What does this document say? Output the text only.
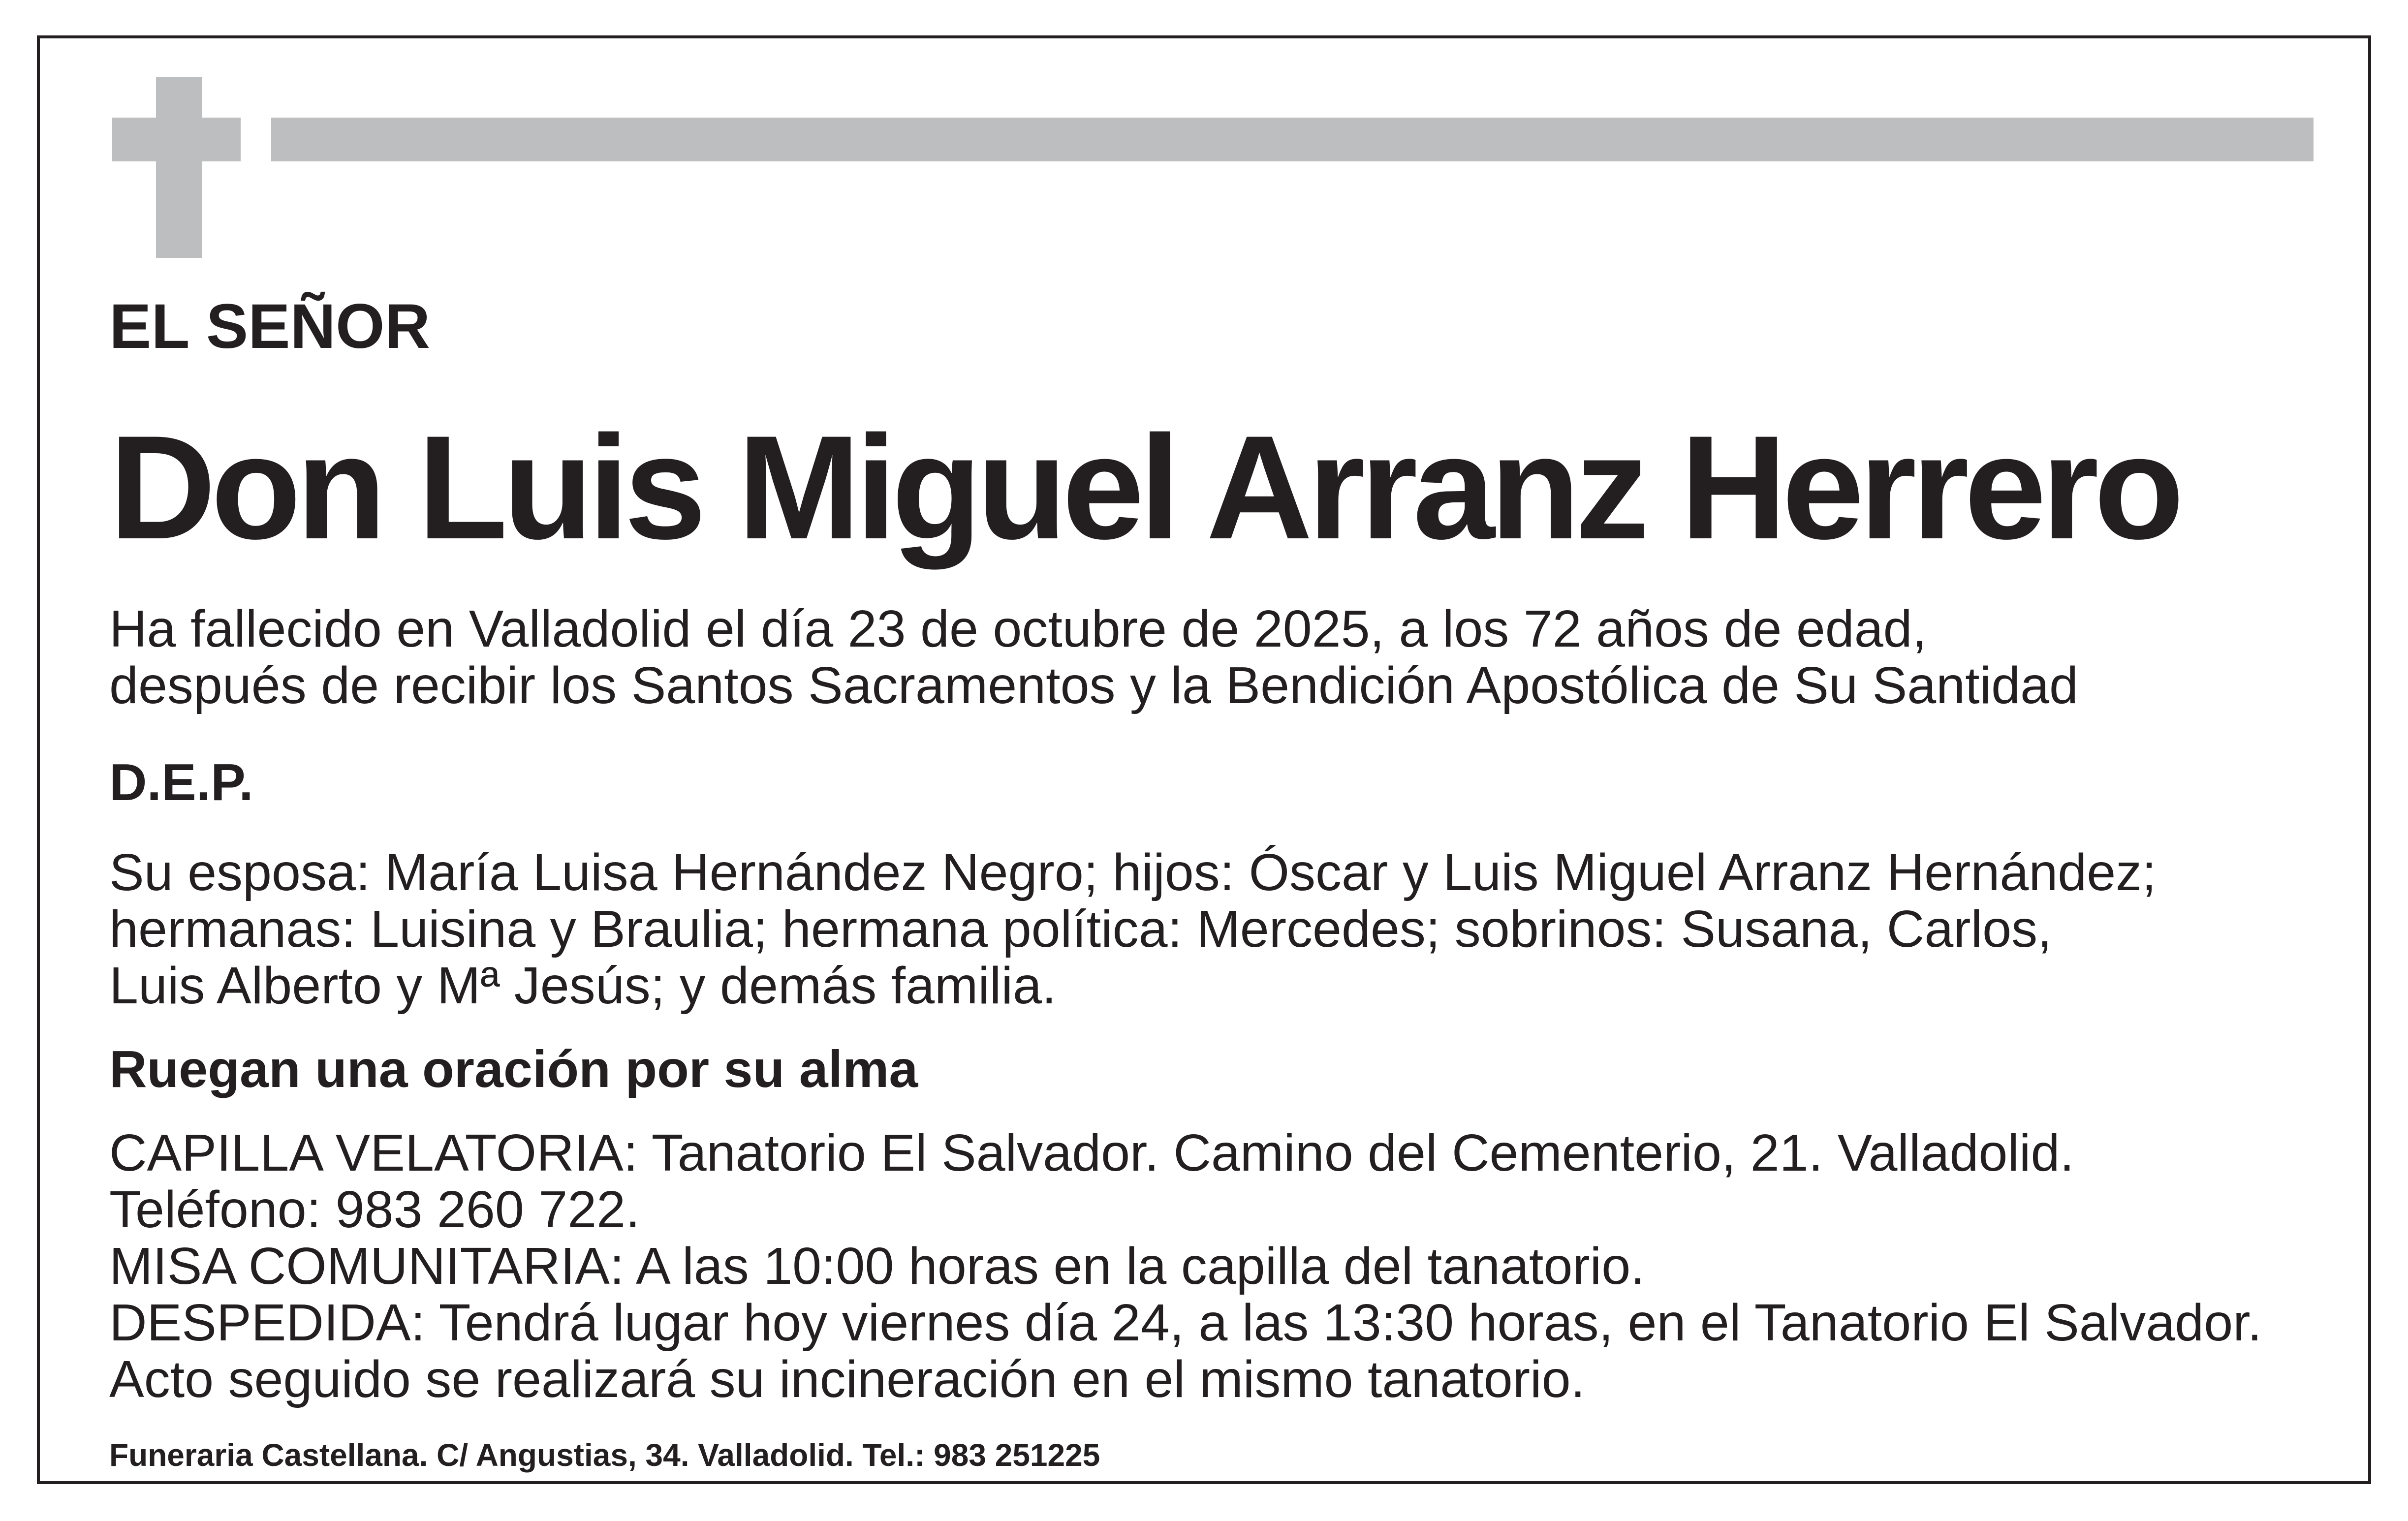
EL SEÑOR

Don Luis Miguel Arranz Herrero

Ha fallecido en Valladolid el día 23 de octubre de 2025, a los 72 años de edad,

después de recibir los Santos Sacramentos y la Bendición Apostólica de Su Santidad

D.E.P.

Su esposa: María Luisa Hernández Negro; hijos: Óscar y Luis Miguel Arranz Hernández;

hermanas: Luisina y Braulia; hermana política: Mercedes; sobrinos: Susana, Carlos,

Luis Alberto y Mª Jesús; y demás familia.

Ruegan una oración por su alma

CAPILLA VELATORIA: Tanatorio El Salvador. Camino del Cementerio, 21. Valladolid.

Teléfono: 983 260 722.

MISA COMUNITARIA: A las 10:00 horas en la capilla del tanatorio.

DESPEDIDA: Tendrá lugar hoy viernes día 24, a las 13:30 horas, en el Tanatorio El Salvador.

Acto seguido se realizará su incineración en el mismo tanatorio.

Funeraria Castellana. C/ Angustias, 34. Valladolid. Tel.: 983 251225
